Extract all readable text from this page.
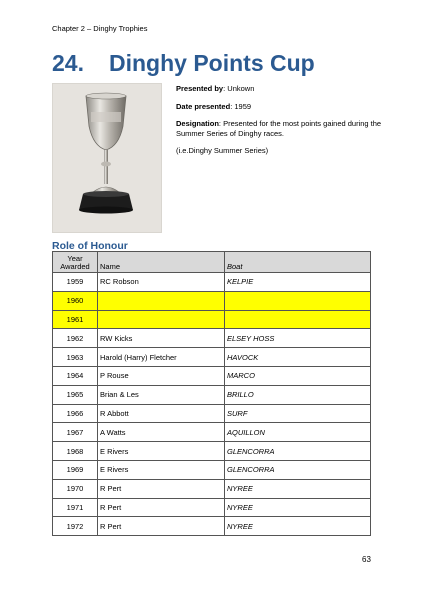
Chapter 2 – Dinghy Trophies
24. Dinghy Points Cup

Presented by: Unkown

Date presented: 1959

Designation: Presented for the most points gained during the Summer Series of Dinghy races.

(i.e.Dinghy Summer Series)

Role of Honour
Year
Awarded	Name	Boat
1959	RC Robson	KELPIE
1960		
1961		
1962	RW Kicks	ELSEY HOSS
1963	Harold (Harry) Fletcher	HAVOCK
1964	P Rouse	MARCO
1965	Brian & Les	BRILLO
1966	R Abbott	SURF
1967	A Watts	AQUILLON
1968	E Rivers	GLENCORRA
1969	E Rivers	GLENCORRA
1970	R Pert	NYREE
1971	R Pert	NYREE
1972	R Pert	NYREE
63
